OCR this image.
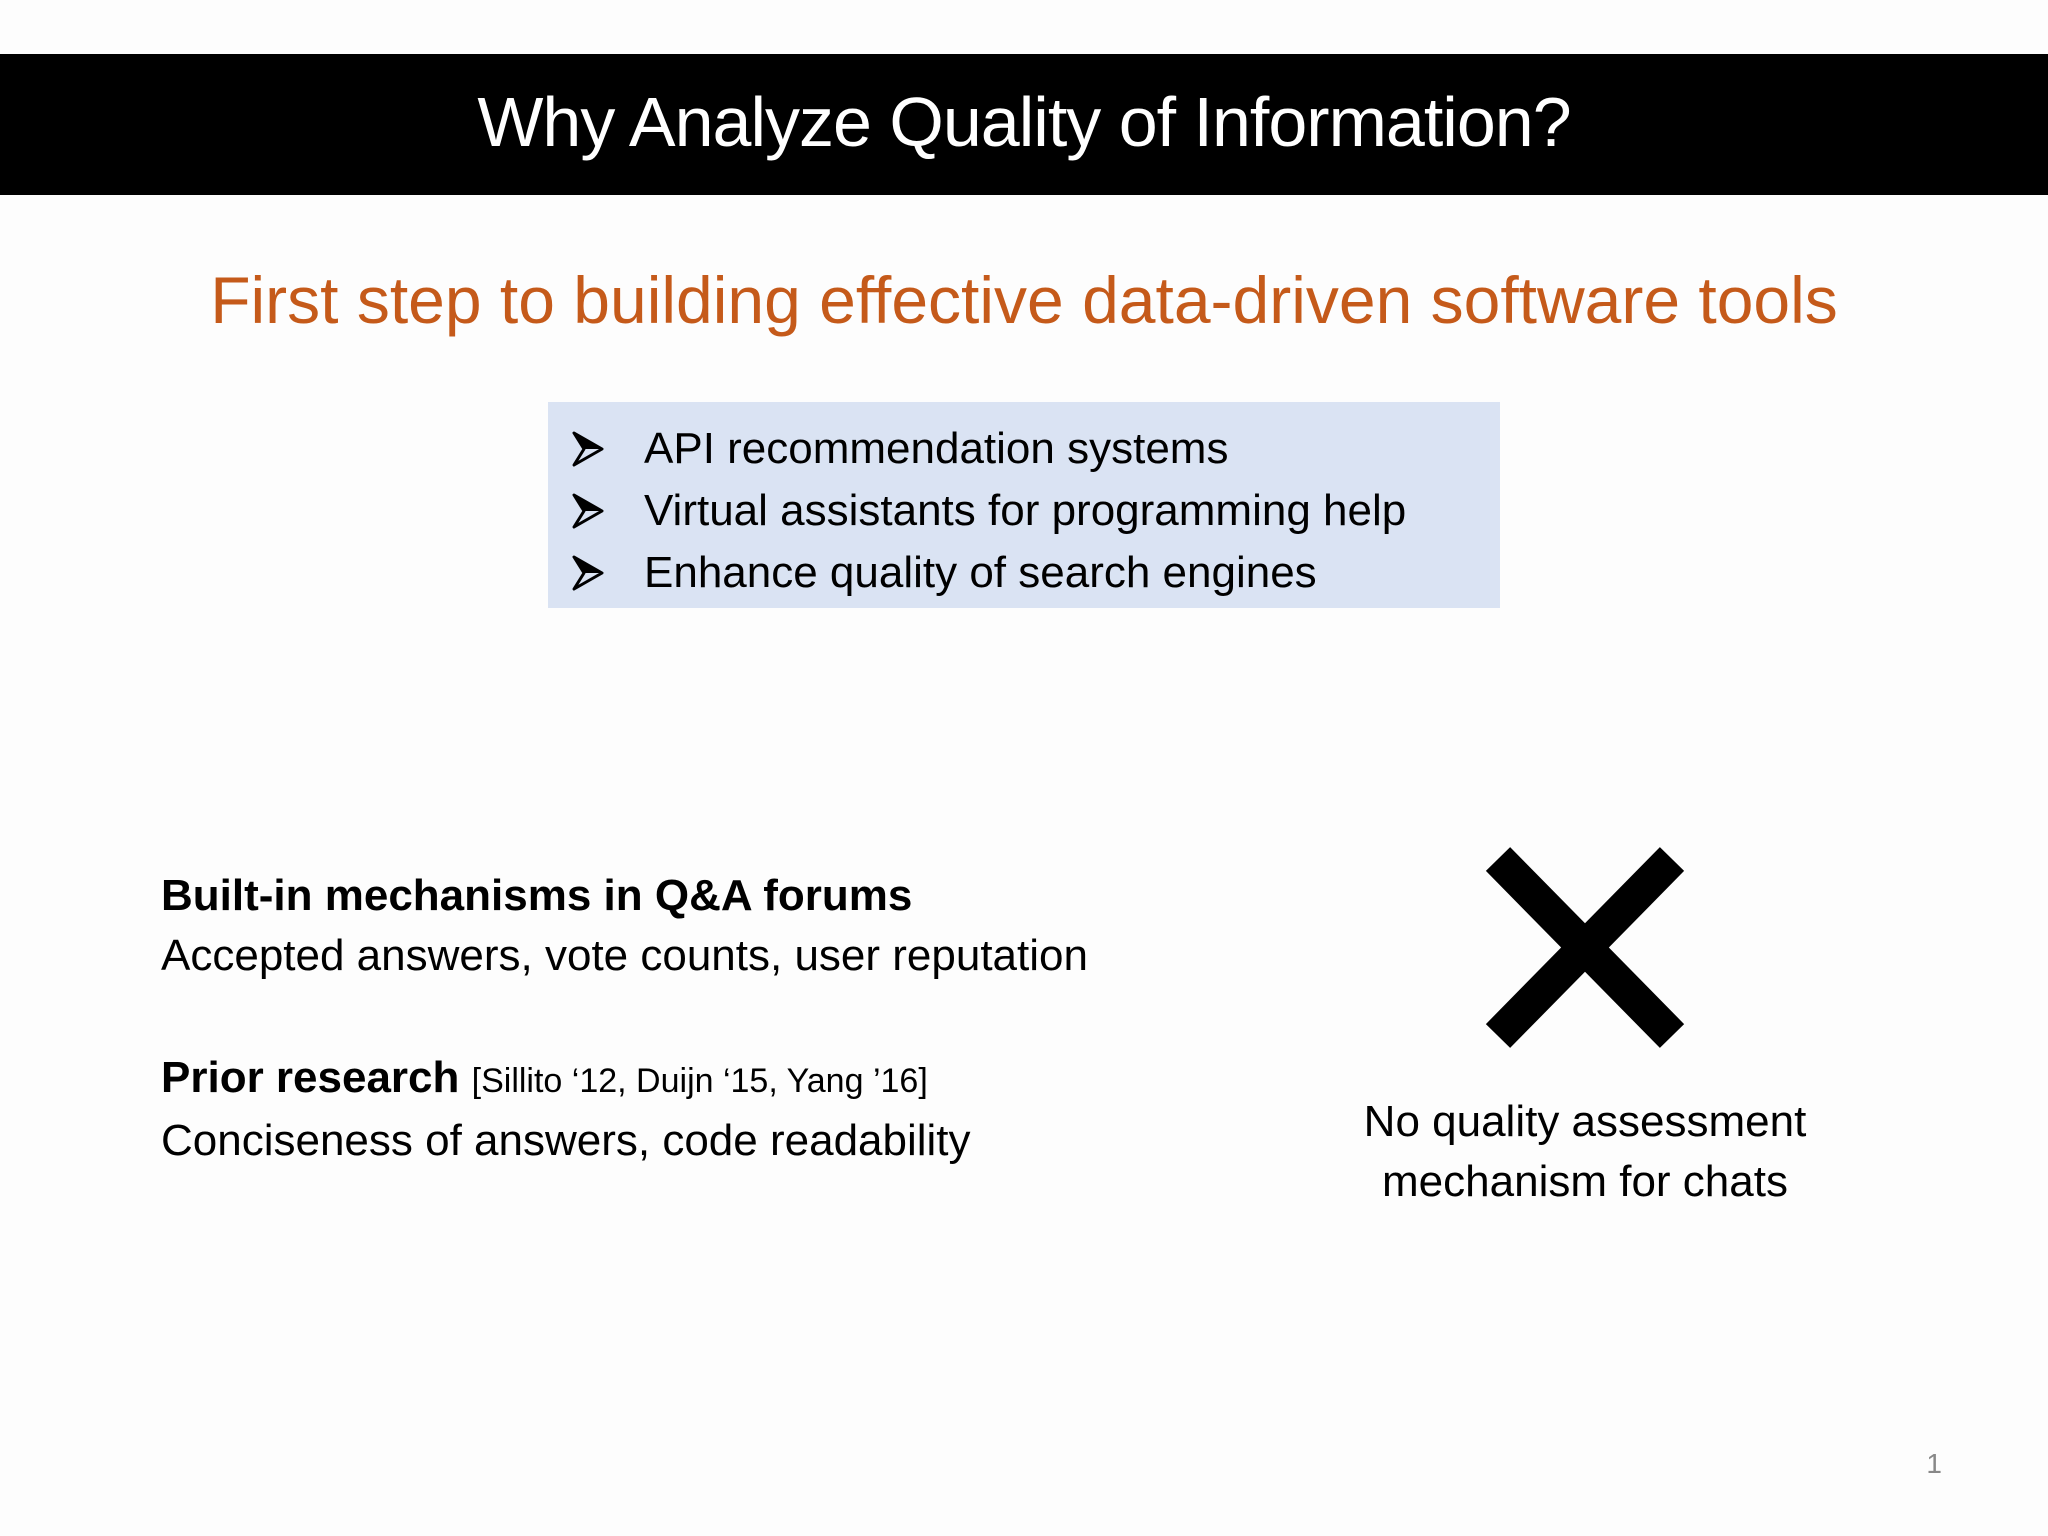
Why Analyze Quality of Information?
First step to building effective data-driven software tools
API recommendation systems
Virtual assistants for programming help
Enhance quality of search engines
Built-in mechanisms in Q&A forums
Accepted answers, vote counts, user reputation
Prior research [Sillito ‘12, Duijn ‘15, Yang ’16]
Conciseness of answers, code readability	No quality assessment mechanism for chats
1
